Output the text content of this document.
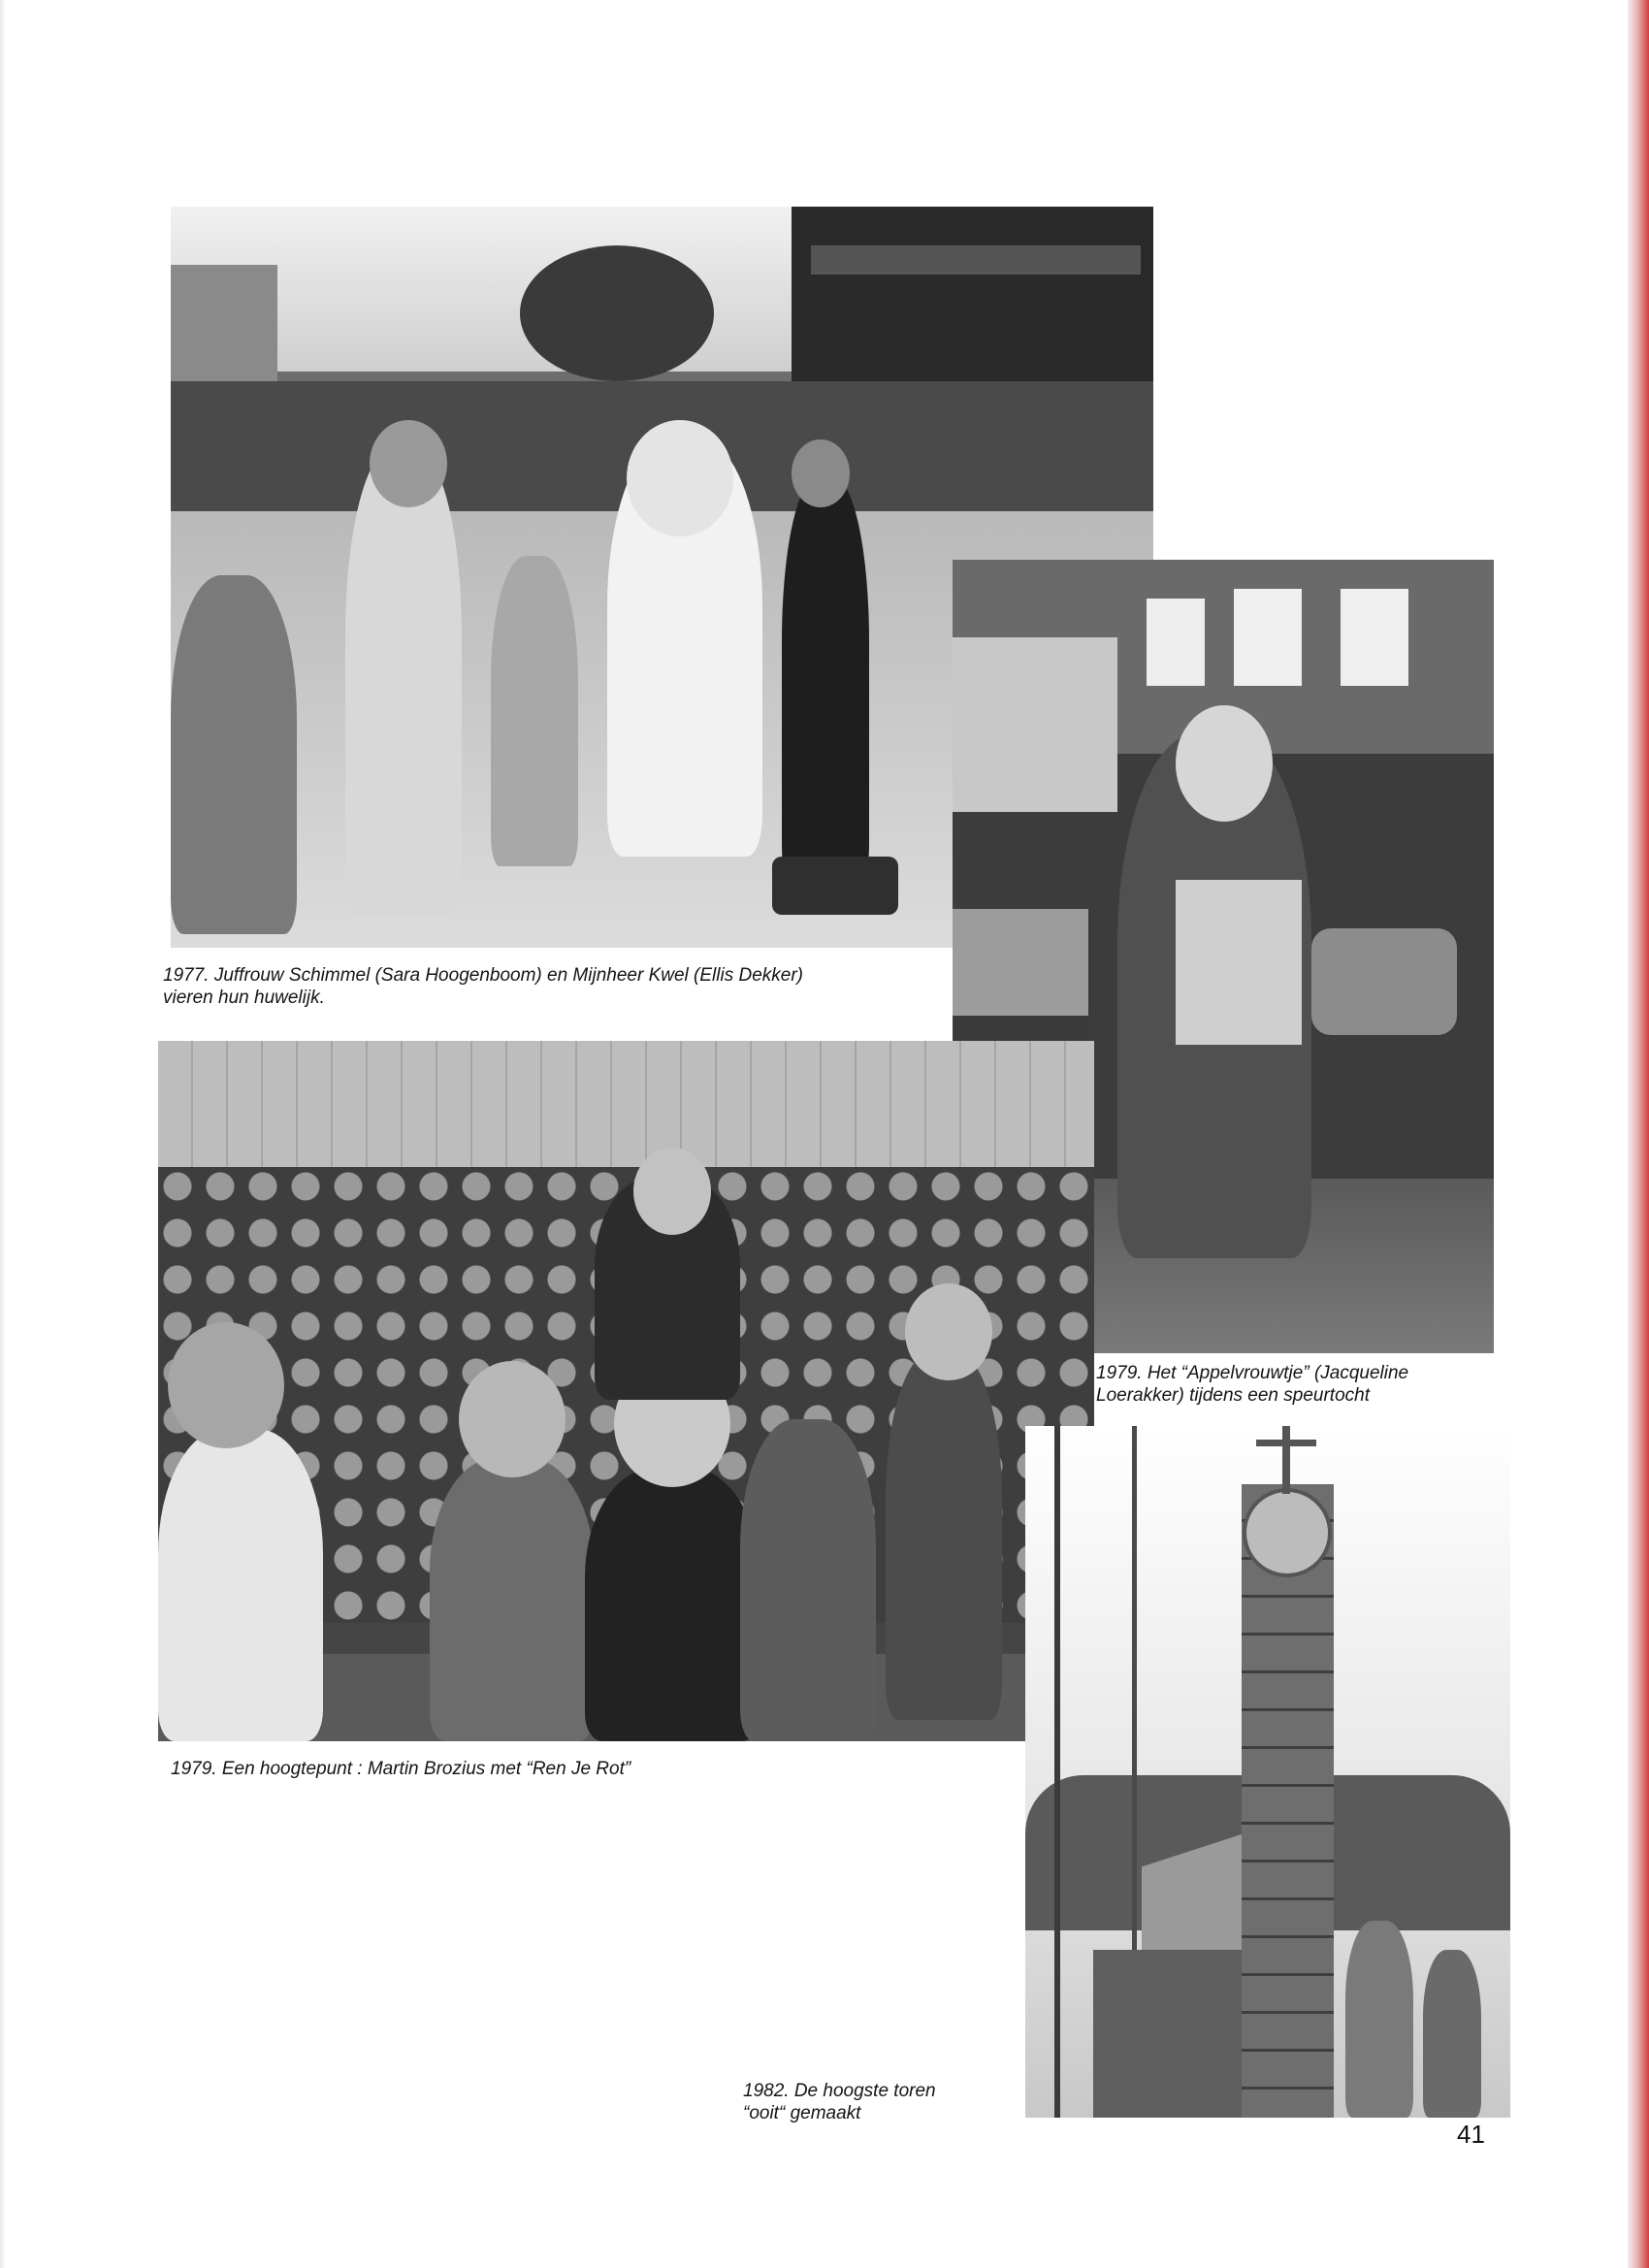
1977. Juffrouw Schimmel (Sara Hoogenboom) en Mijnheer Kwel (Ellis Dekker)
vieren hun huwelijk.
1979. Het “Appelvrouwtje” (Jacqueline
Loerakker) tijdens een speurtocht
1979. Een hoogtepunt : Martin Brozius met “Ren Je Rot”
1982. De hoogste toren
“ooit“ gemaakt
41
